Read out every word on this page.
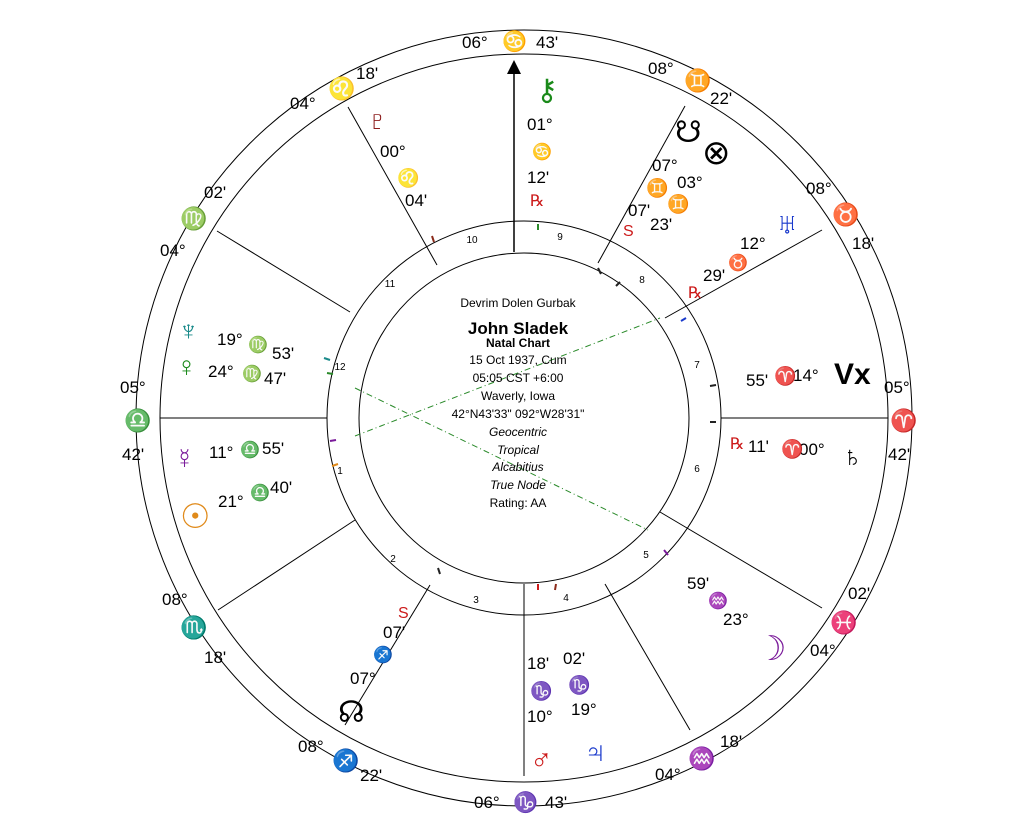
1
2
3	4
5
6
7
8
9
10
11
12
Devrim Dolen Gurbak
John Sladek
Natal Chart
15 Oct 1937, Cum
05:05 CST +6:00
Waverly, Iowa
42°N43'33" 092°W28'31"
Geocentric
Tropical
Alcabitius
True Node
Rating: AA
06° ♋ 43'
06° ♑ 43'
05°
♎
42'
05°
♈
42'
04°
♌
18'
02'
♍
04°
08°
♏
18'
08°
♐
22'	04°
♒
18'
02'
♓
04°
08°
♉
18'
08° ♊
22'
⚷
01°
♋
12'
℞
♇
00°
♌
04'
☋
⊗
07°
03°
♊
♊
07'
23'
S	♅
12°
♉
29'
℞
Vx
14°
♈
55'
♄
00°
♈
11'
℞
☽
23°
♒
59'
♃
19°
♑
02'
♂
10°
♑
18'
☊
07°
♐
07'
S
☉ 21° ♎ 40'
☿ 11° ♎ 55'
♀ 24° ♍ 47'
♆ 19° ♍ 53'
